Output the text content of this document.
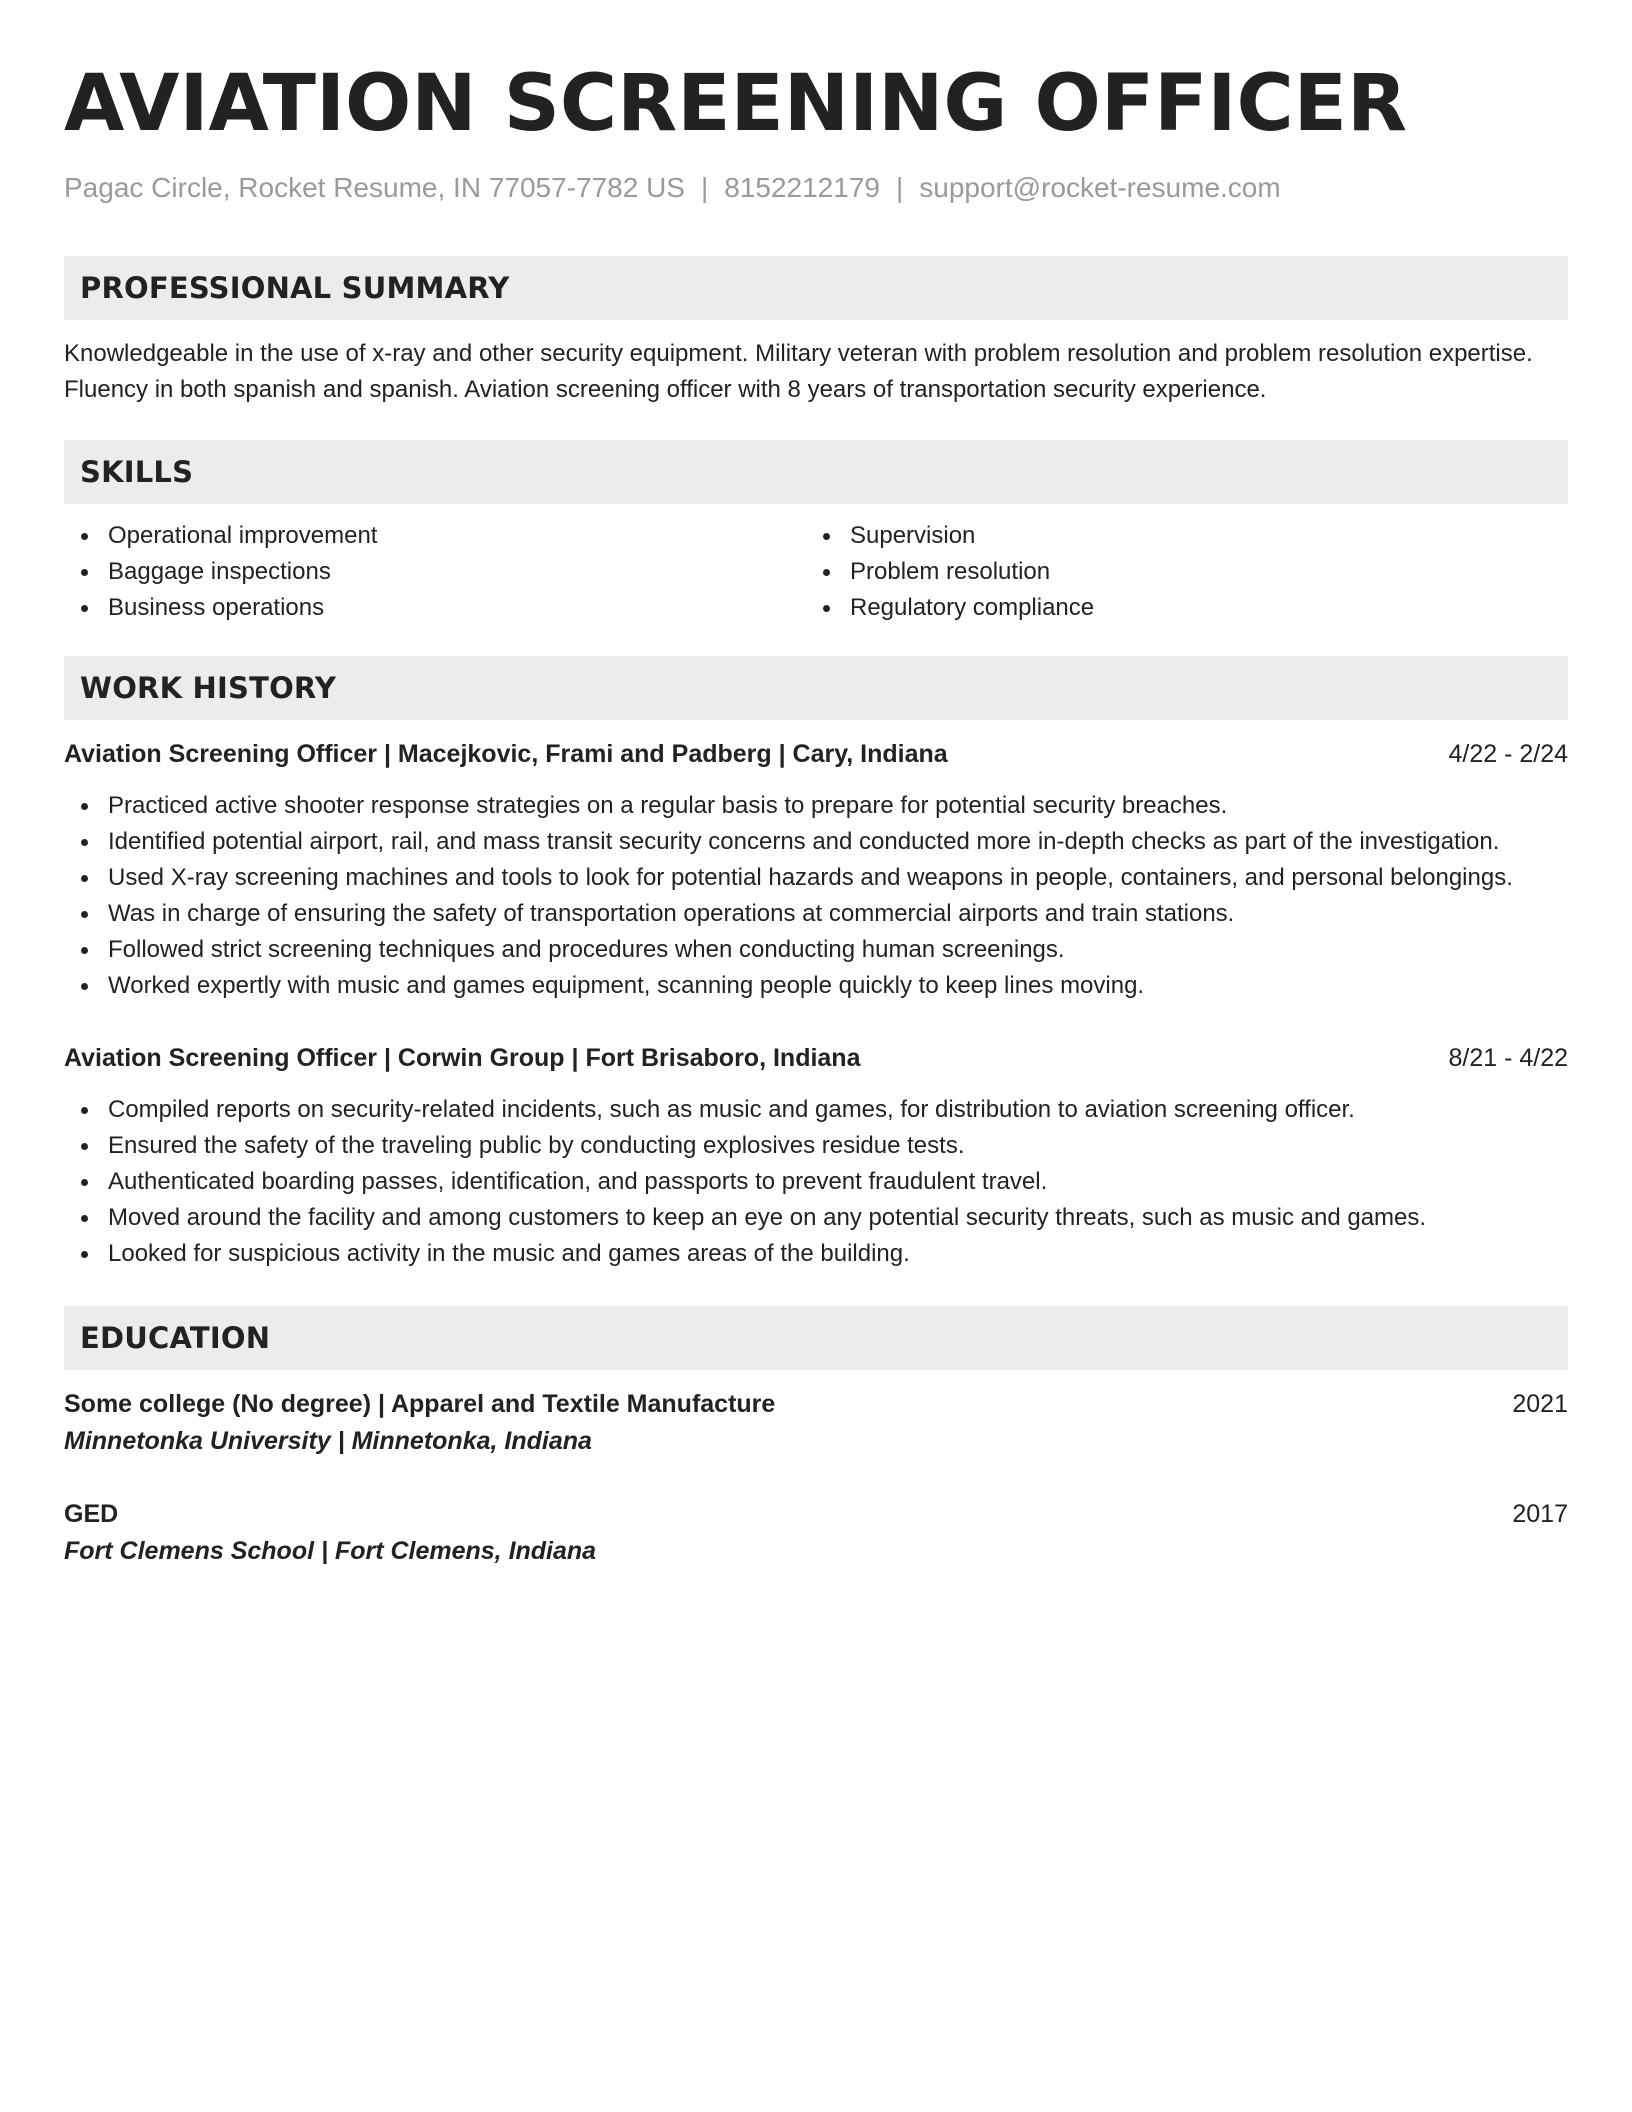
AVIATION SCREENING OFFICER
Pagac Circle, Rocket Resume, IN 77057-7782 US | 8152212179 | support@rocket-resume.com
PROFESSIONAL SUMMARY

Knowledgeable in the use of x-ray and other security equipment. Military veteran with problem resolution and problem resolution expertise. Fluency in both spanish and spanish. Aviation screening officer with 8 years of transportation security experience.

SKILLS
Operational improvement
Baggage inspections
Business operations
Supervision
Problem resolution
Regulatory compliance
WORK HISTORY
Aviation Screening Officer | Macejkovic, Frami and Padberg | Cary, Indiana	4/22 - 2/24
Practiced active shooter response strategies on a regular basis to prepare for potential security breaches.
Identified potential airport, rail, and mass transit security concerns and conducted more in-depth checks as part of the investigation.
Used X-ray screening machines and tools to look for potential hazards and weapons in people, containers, and personal belongings.
Was in charge of ensuring the safety of transportation operations at commercial airports and train stations.
Followed strict screening techniques and procedures when conducting human screenings.
Worked expertly with music and games equipment, scanning people quickly to keep lines moving.
Aviation Screening Officer | Corwin Group | Fort Brisaboro, Indiana	8/21 - 4/22
Compiled reports on security-related incidents, such as music and games, for distribution to aviation screening officer.
Ensured the safety of the traveling public by conducting explosives residue tests.
Authenticated boarding passes, identification, and passports to prevent fraudulent travel.
Moved around the facility and among customers to keep an eye on any potential security threats, such as music and games.
Looked for suspicious activity in the music and games areas of the building.
EDUCATION
Some college (No degree) | Apparel and Textile Manufacture	2021
Minnetonka University | Minnetonka, Indiana
GED	2017
Fort Clemens School | Fort Clemens, Indiana
